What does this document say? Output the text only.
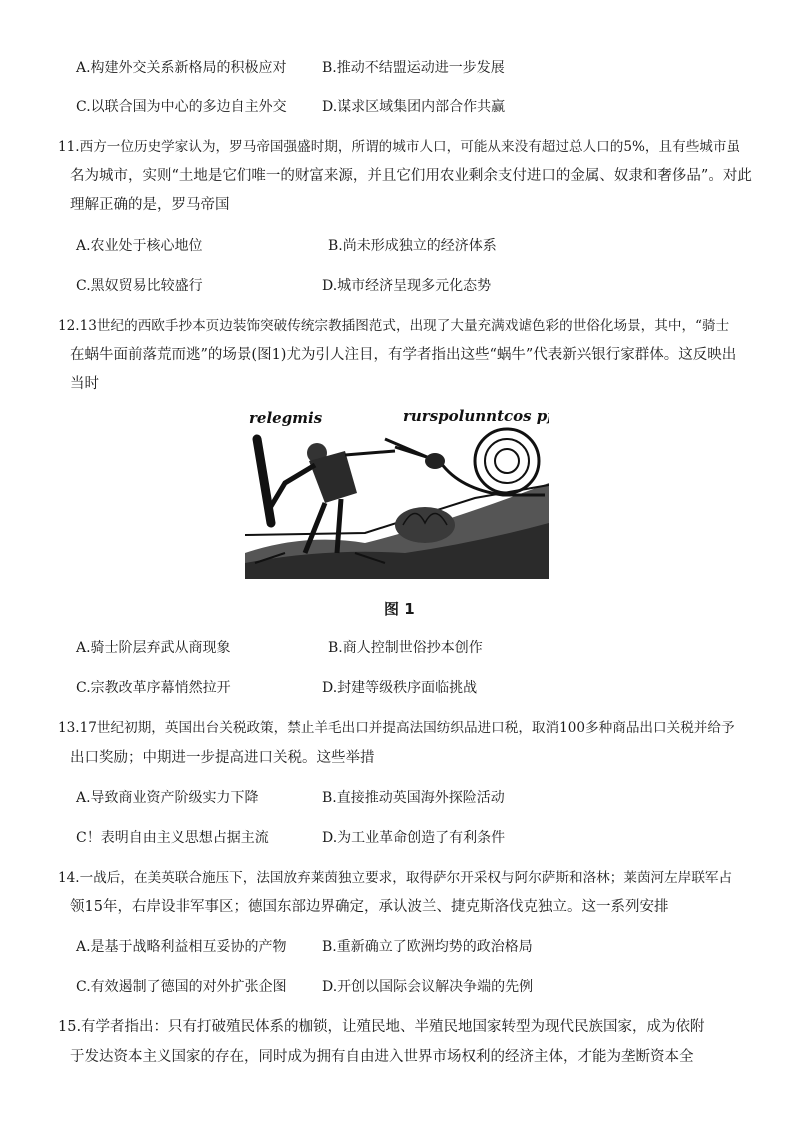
A.构建外交关系新格局的积极应对	B.推动不结盟运动进一步发展
C.以联合国为中心的多边自主外交	D.谋求区域集团内部合作共赢
11.西方一位历史学家认为，罗马帝国强盛时期，所谓的城市人口，可能从来没有超过总人口的5%，且有些城市虽
名为城市，实则“土地是它们唯一的财富来源，并且它们用农业剩余支付进口的金属、奴隶和奢侈品”。对此
理解正确的是，罗马帝国
A.农业处于核心地位	B.尚未形成独立的经济体系
C.黑奴贸易比较盛行	D.城市经济呈现多元化态势
12.13世纪的西欧手抄本页边装饰突破传统宗教插图范式，出现了大量充满戏谑色彩的世俗化场景，其中，“骑士
在蜗牛面前落荒而逃”的场景(图1)尤为引人注目，有学者指出这些“蜗牛”代表新兴银行家群体。这反映出
当时
relegmis	rurspolunntcos pfe
图 1
A.骑士阶层弃武从商现象	B.商人控制世俗抄本创作
C.宗教改革序幕悄然拉开	D.封建等级秩序面临挑战
13.17世纪初期，英国出台关税政策，禁止羊毛出口并提高法国纺织品进口税，取消100多种商品出口关税并给予
出口奖励；中期进一步提高进口关税。这些举措
A.导致商业资产阶级实力下降	B.直接推动英国海外探险活动
C！表明自由主义思想占据主流	D.为工业革命创造了有利条件
14.一战后，在美英联合施压下，法国放弃莱茵独立要求，取得萨尔开采权与阿尔萨斯和洛林；莱茵河左岸联军占
领15年，右岸设非军事区；德国东部边界确定，承认波兰、捷克斯洛伐克独立。这一系列安排
A.是基于战略利益相互妥协的产物	B.重新确立了欧洲均势的政治格局
C.有效遏制了德国的对外扩张企图	D.开创以国际会议解决争端的先例
15.有学者指出：只有打破殖民体系的枷锁，让殖民地、半殖民地国家转型为现代民族国家，成为依附
于发达资本主义国家的存在，同时成为拥有自由进入世界市场权利的经济主体，才能为垄断资本全
